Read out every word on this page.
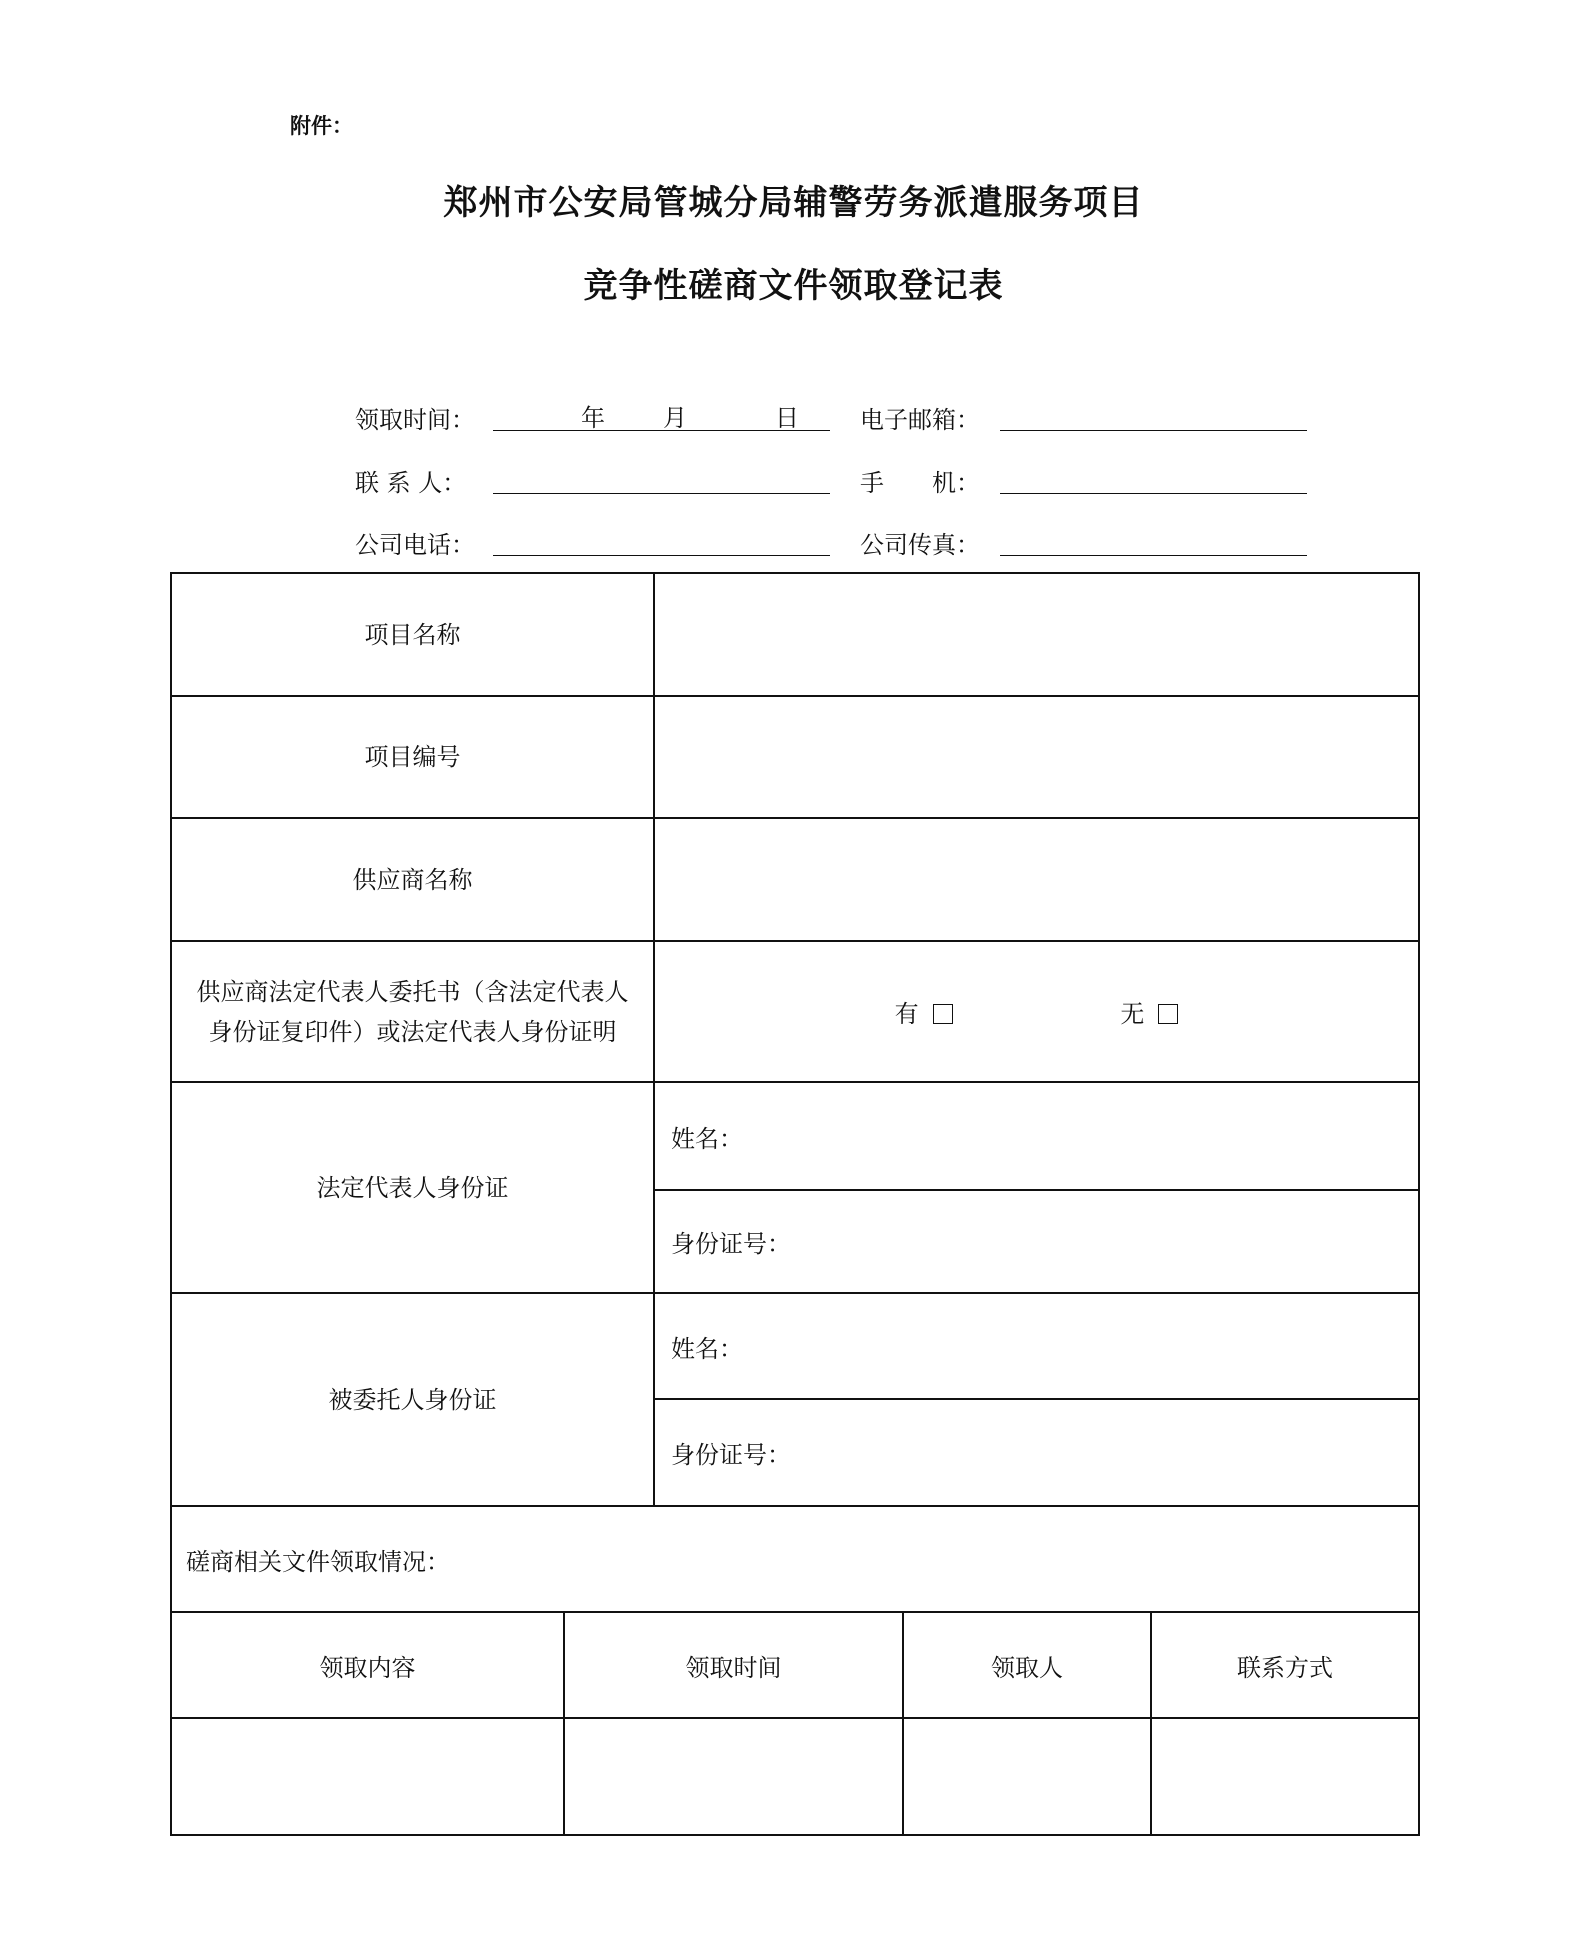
附件：
郑州市公安局管城分局辅警劳务派遣服务项目
竞争性磋商文件领取登记表
领取时间：	年 月	日	电子邮箱：
联 系 人：	手　　机：
公司电话：	公司传真：
项目名称				
项目编号				
供应商名称				
供应商法定代表人委托书（含法定代表人身份证复印件）或法定代表人身份证明		有 无		
法定代表人身份证		姓名：		
		身份证号：		
被委托人身份证		姓名：		
		身份证号：		
磋商相关文件领取情况：				
领取内容	领取时间		领取人	联系方式
